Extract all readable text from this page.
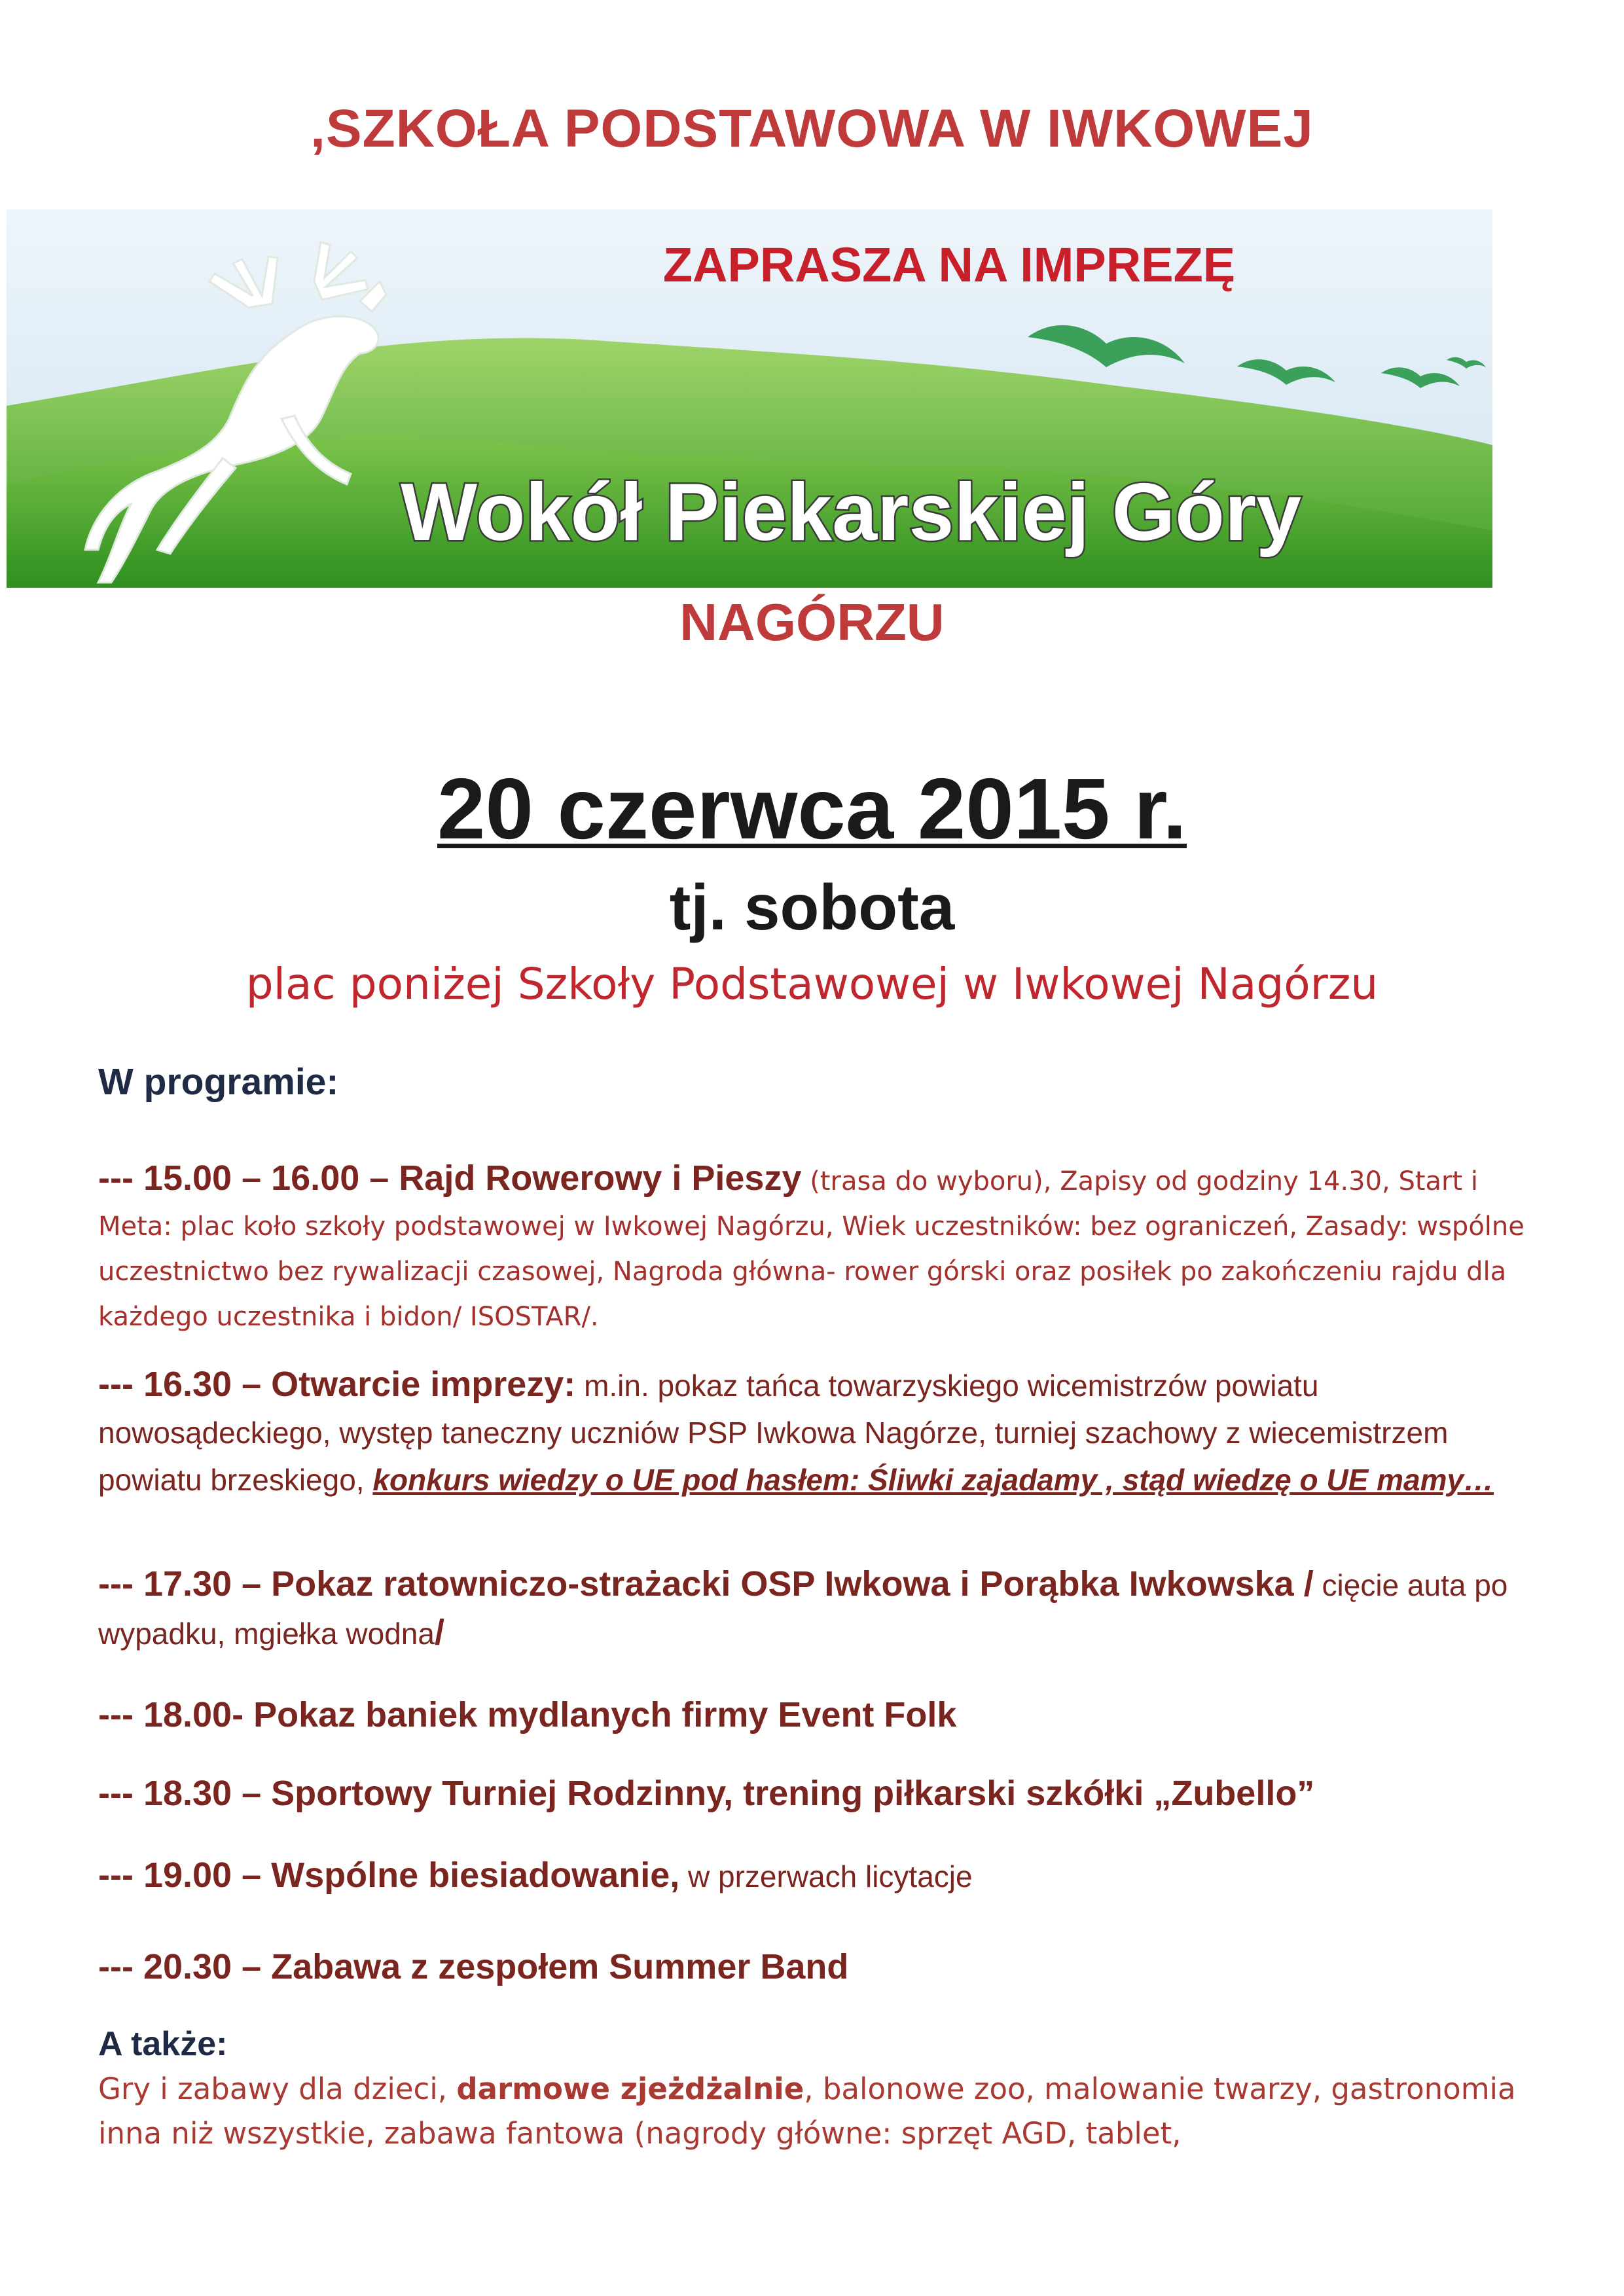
,SZKOŁA PODSTAWOWA W IWKOWEJ
ZAPRASZA NA IMPREZĘ
Wokół Piekarskiej Góry
NAGÓRZU
20 czerwca 2015 r.
tj. sobota
plac poniżej Szkoły Podstawowej w Iwkowej Nagórzu
W programie:
--- 15.00 – 16.00 – Rajd Rowerowy i Pieszy (trasa do wyboru), Zapisy od godziny 14.30, Start i Meta: plac koło szkoły podstawowej w Iwkowej Nagórzu, Wiek uczestników: bez ograniczeń, Zasady: wspólne uczestnictwo bez rywalizacji czasowej, Nagroda główna- rower górski oraz posiłek po zakończeniu rajdu dla każdego uczestnika i bidon/ ISOSTAR/.
--- 16.30 – Otwarcie imprezy: m.in. pokaz tańca towarzyskiego wicemistrzów powiatu nowosądeckiego, występ taneczny uczniów PSP Iwkowa Nagórze, turniej szachowy z wiecemistrzem powiatu brzeskiego, konkurs wiedzy o UE pod hasłem: Śliwki zajadamy , stąd wiedzę o UE mamy…
--- 17.30 – Pokaz ratowniczo-strażacki OSP Iwkowa i Porąbka Iwkowska / cięcie auta po wypadku, mgiełka wodna/
--- 18.00- Pokaz baniek mydlanych firmy Event Folk
--- 18.30 – Sportowy Turniej Rodzinny, trening piłkarski szkółki „Zubello”
--- 19.00 – Wspólne biesiadowanie, w przerwach licytacje
--- 20.30 – Zabawa z zespołem Summer Band
A także:
Gry i zabawy dla dzieci, darmowe zjeżdżalnie, balonowe zoo, malowanie twarzy, gastronomia inna niż wszystkie, zabawa fantowa (nagrody główne: sprzęt AGD, tablet,
